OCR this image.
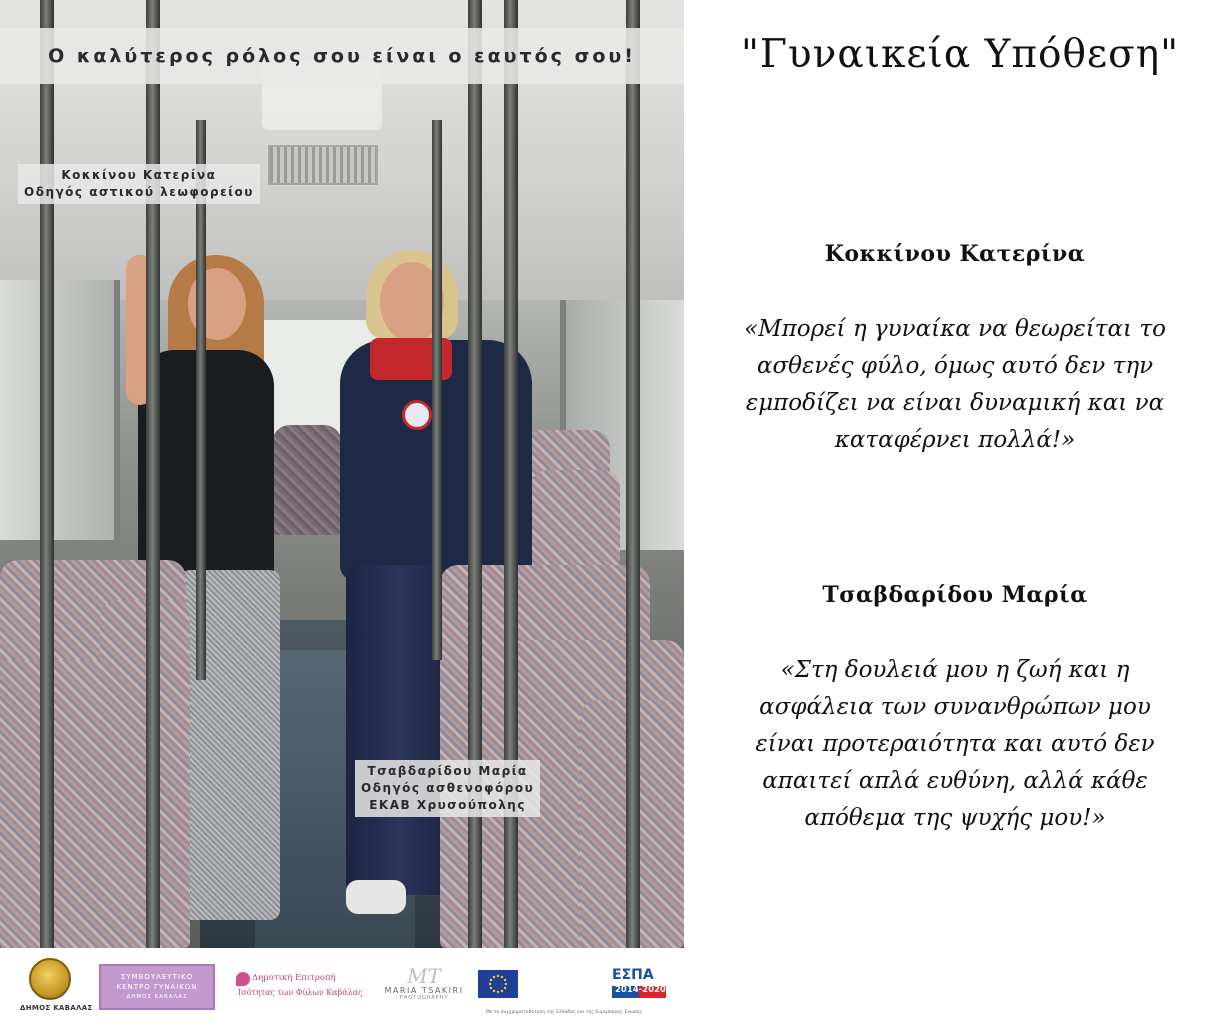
Ο καλύτερος ρόλος σου είναι ο εαυτός σου!
Κοκκίνου Κατερίνα
Οδηγός αστικού λεωφορείου
Τσαβδαρίδου Μαρία
Οδηγός ασθενοφόρου
ΕΚΑΒ Χρυσούπολης
"Γυναικεία Υπόθεση"
Κοκκίνου Κατερίνα
«Μπορεί η γυναίκα να θεωρείται το
ασθενές φύλο, όμως αυτό δεν την
εμποδίζει να είναι δυναμική και να
καταφέρνει πολλά!»
Τσαβδαρίδου Μαρία
«Στη δουλειά μου η ζωή και η
ασφάλεια των συνανθρώπων μου
είναι προτεραιότητα και αυτό δεν
απαιτεί απλά ευθύνη, αλλά κάθε
απόθεμα της ψυχής μου!»
ΔΗΜΟΣ ΚΑΒΑΛΑΣ
ΣΥΜΒΟΥΛΕΥΤΙΚΟ
ΚΕΝΤΡΟ ΓΥΝΑΙΚΩΝ
ΔΗΜΟΣ ΚΑΒΑΛΑΣ
Δημοτική Επιτροπή
Ισότητας των Φύλων Καβάλας
MT
MARIA TSAKIRI
PHOTOGRAPHY
ΕΣΠΑ
2014-2020
Με τη συγχρηματοδότηση της Ελλάδας και της Ευρωπαϊκής Ένωσης
